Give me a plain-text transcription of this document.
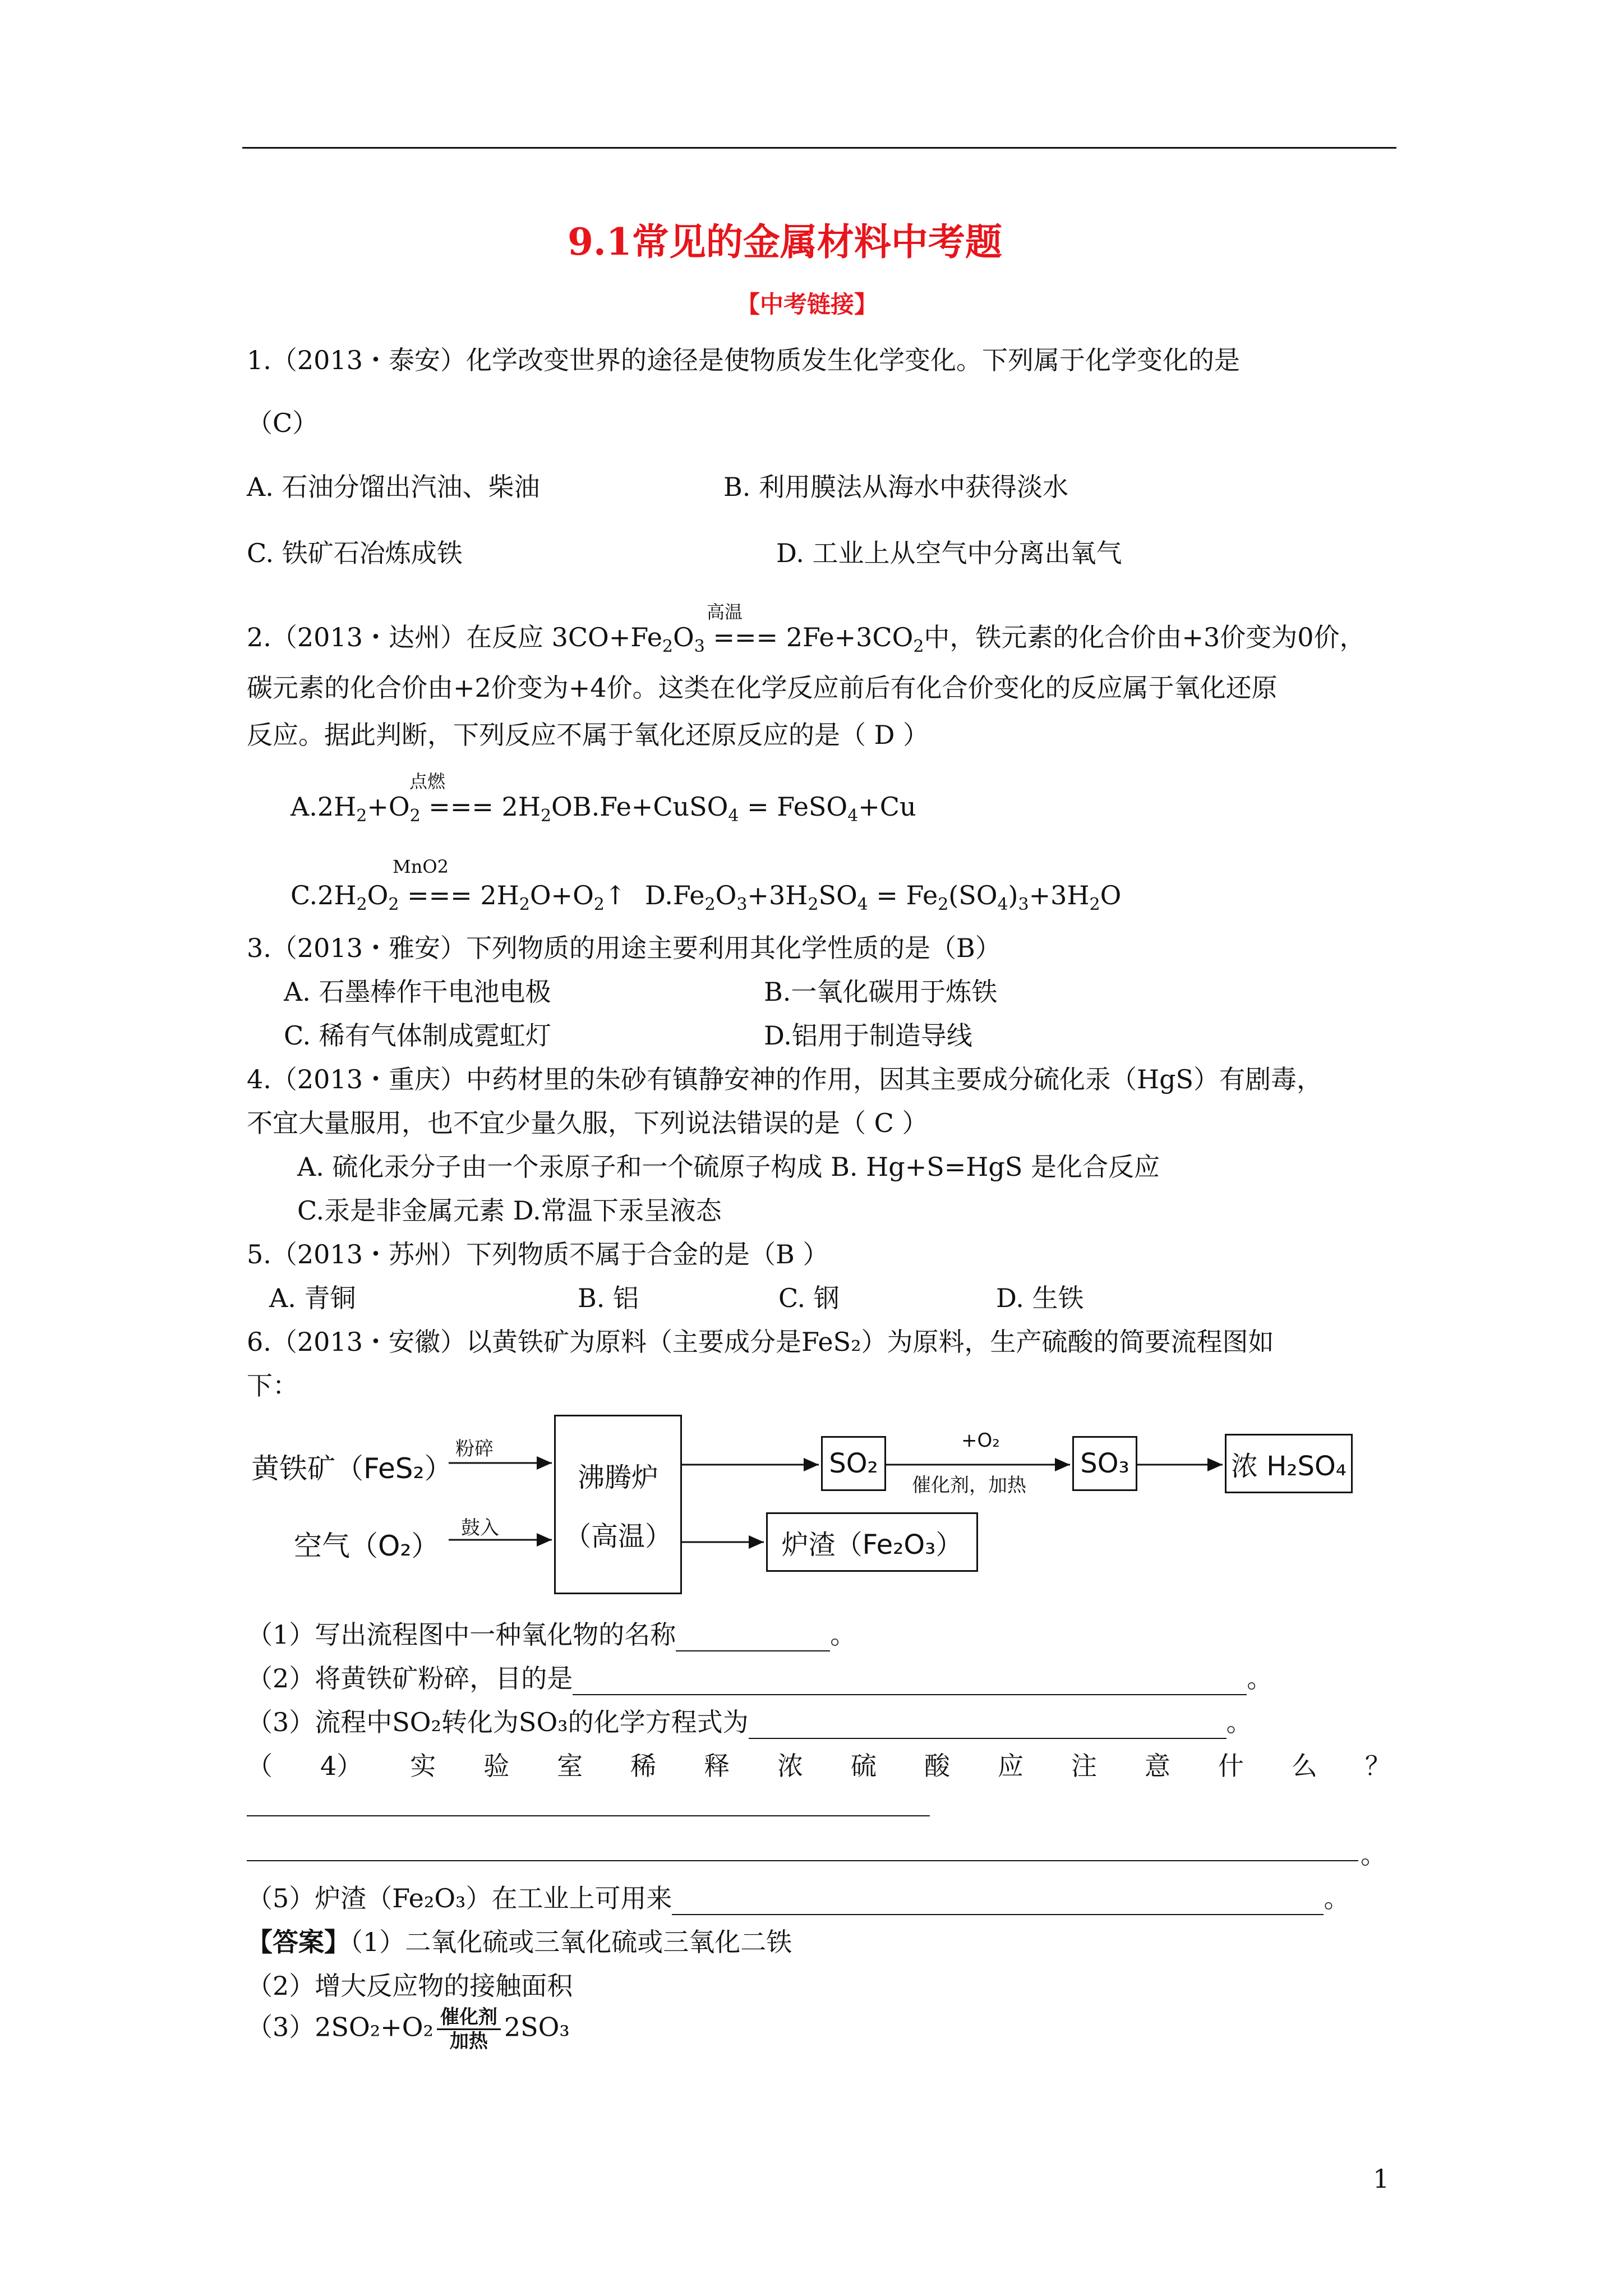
9.1常见的金属材料中考题
【中考链接】
1.（2013・泰安）化学改变世界的途径是使物质发生化学变化。下列属于化学变化的是
（C）
A. 石油分馏出汽油、柴油	B. 利用膜法从海水中获得淡水
C. 铁矿石冶炼成铁	D. 工业上从空气中分离出氧气
高温
2.（2013・达州）在反应 $3CO+Fe_2O_3$ === $2Fe+3CO_2$中，铁元素的化合价由+3价变为0价，
碳元素的化合价由+2价变为+4价。这类在化学反应前后有化合价变化的反应属于氧化还原
反应。据此判断，下列反应不属于氧化还原反应的是（ D ）
点燃
$A.2H_2+O_2$ === $2H_2OB.Fe+CuSO_4$ = FeSO$_4$+Cu
MnO2
$C.2H_2O_2$ === $2H_2O+O_2↑$ $D.Fe_2O_3+3H_2SO_4 = Fe_2(SO_4)_3+3H_2O$
3.（2013・雅安）下列物质的用途主要利用其化学性质的是（B）
A. 石墨棒作干电池电极	B.一氧化碳用于炼铁
C. 稀有气体制成霓虹灯	D.铝用于制造导线
4.（2013・重庆）中药材里的朱砂有镇静安神的作用，因其主要成分硫化汞（HgS）有剧毒，
不宜大量服用，也不宜少量久服，下列说法错误的是（ C ）
A. 硫化汞分子由一个汞原子和一个硫原子构成 B. Hg+S=HgS 是化合反应
C.汞是非金属元素 D.常温下汞呈液态
5.（2013・苏州）下列物质不属于合金的是（B ）
A. 青铜	B. 铝	C. 钢	D. 生铁
6.（2013・安徽）以黄铁矿为原料（主要成分是FeS₂）为原料，生产硫酸的简要流程图如
下：
黄铁矿（FeS₂）
粉碎
空气（O₂）
鼓入
沸腾炉
（高温）
SO₂
+O₂
催化剂，加热
SO₃	浓 H₂SO₄
炉渣（Fe₂O₃）
（1）写出流程图中一种氧化物的名称	。
（2）将黄铁矿粉碎，目的是	。
（3）流程中SO₂转化为SO₃的化学方程式为	。
（ 4） 实 验 室 稀 释 浓 硫 酸 应 注 意 什 么 ？
。
（5）炉渣（Fe₂O₃）在工业上可用来	。
【答案】（1）二氧化硫或三氧化硫或三氧化二铁
（2）增大反应物的接触面积
$(3)2SO_2+O_2 \frac{\text{催化剂}}{\text{加热}} 2SO_3$
1
